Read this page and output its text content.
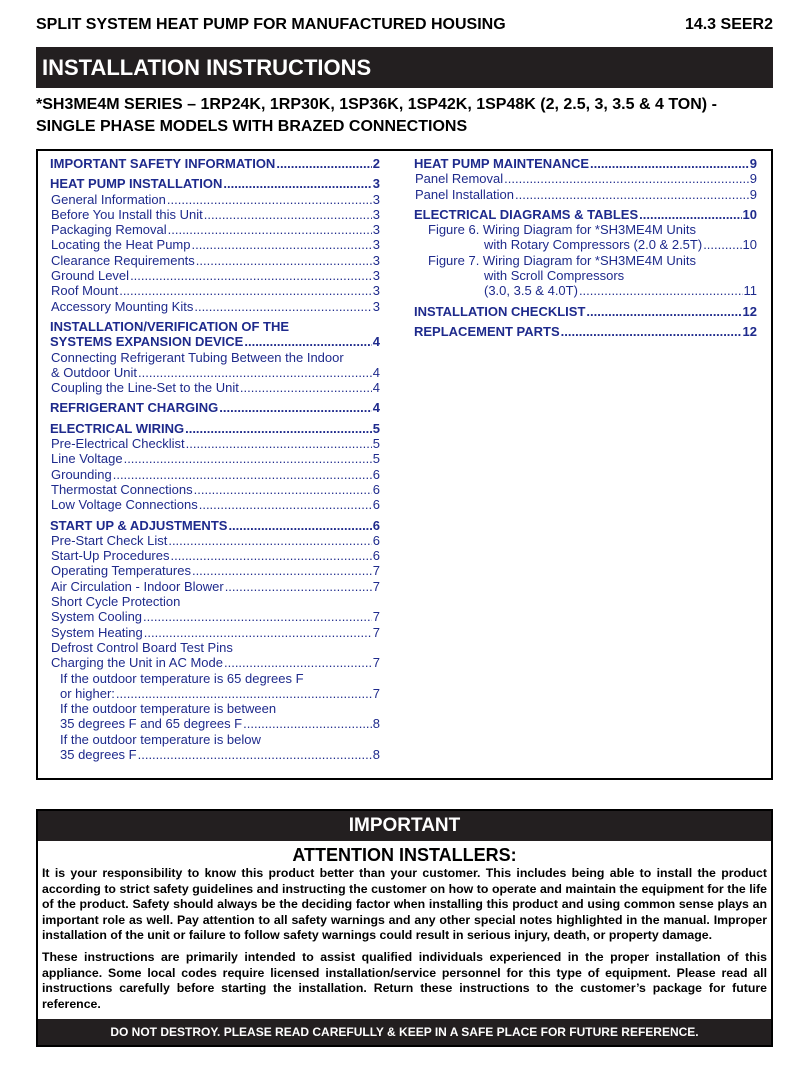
SPLIT SYSTEM HEAT PUMP FOR MANUFACTURED HOUSING	14.3 SEER2
INSTALLATION INSTRUCTIONS
*SH3ME4M SERIES – 1RP24K, 1RP30K, 1SP36K, 1SP42K, 1SP48K (2, 2.5, 3, 3.5 & 4 TON) -
SINGLE PHASE MODELS WITH BRAZED CONNECTIONS
IMPORTANT SAFETY INFORMATION .....	2
HEAT PUMP INSTALLATION .....	3
General Information .....	3
Before You Install this Unit .....	3
Packaging Removal .....	3
Locating the Heat Pump .....	3
Clearance Requirements .....	3
Ground Level .....	3
Roof Mount .....	3
Accessory Mounting Kits .....	3
INSTALLATION/VERIFICATION OF THE
SYSTEMS EXPANSION DEVICE .....	4
Connecting Refrigerant Tubing Between the Indoor
& Outdoor Unit .....	4
Coupling the Line-Set to the Unit .....	4
REFRIGERANT CHARGING .....	4
ELECTRICAL WIRING .....	5
Pre-Electrical Checklist .....	5
Line Voltage .....	5
Grounding .....	6
Thermostat Connections .....	6
Low Voltage Connections .....	6
START UP & ADJUSTMENTS .....	6
Pre-Start Check List .....	6
Start-Up Procedures .....	6
Operating Temperatures .....	7
Air Circulation - Indoor Blower .....	7
Short Cycle Protection
System Cooling .....	7
System Heating .....	7
Defrost Control Board Test Pins
Charging the Unit in AC Mode .....	7
If the outdoor temperature is 65 degrees F
or higher: .....	7
If the outdoor temperature is between
35 degrees F and 65 degrees F .....	8
If the outdoor temperature is below
35 degrees F .....	8
HEAT PUMP MAINTENANCE .....	9
Panel Removal .....	9
Panel Installation .....	9
ELECTRICAL DIAGRAMS & TABLES .....	10
Figure 6. Wiring Diagram for *SH3ME4M Units
with Rotary Compressors (2.0 & 2.5T) .....	10
Figure 7. Wiring Diagram for *SH3ME4M Units
with Scroll Compressors
(3.0, 3.5 & 4.0T) .....	11
INSTALLATION CHECKLIST .....	12
REPLACEMENT PARTS .....	12
IMPORTANT
ATTENTION INSTALLERS:

It is your responsibility to know this product better than your customer. This includes being able to install the product according to strict safety guidelines and instructing the customer on how to operate and maintain the equipment for the life of the product. Safety should always be the deciding factor when installing this product and using common sense plays an important role as well. Pay attention to all safety warnings and any other special notes highlighted in the manual. Improper installation of the unit or failure to follow safety warnings could result in serious injury, death, or property damage.

These instructions are primarily intended to assist qualified individuals experienced in the proper installation of this appliance. Some local codes require licensed installation/service personnel for this type of equipment. Please read all instructions carefully before starting the installation. Return these instructions to the customer’s package for future reference.

DO NOT DESTROY. PLEASE READ CAREFULLY & KEEP IN A SAFE PLACE FOR FUTURE REFERENCE.
